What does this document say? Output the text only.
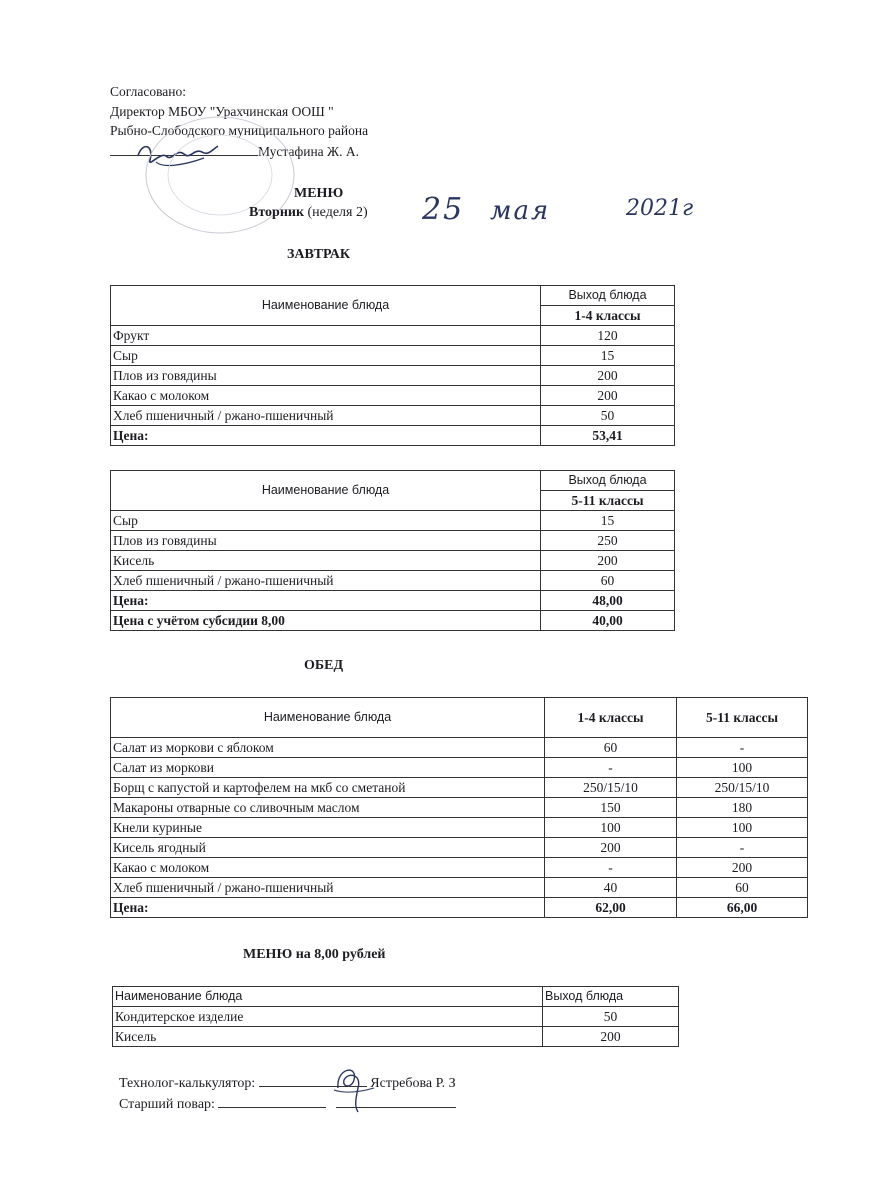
Согласовано:
Директор МБОУ "Урахчинская ООШ "
Рыбно-Слободского муниципального района
Мустафина Ж. А.
МЕНЮ
Вторник (неделя 2) 25 мая	2021г
ЗАВТРАК
Наименование блюда	Выход блюда
	1-4 классы
Фрукт	120
Сыр	15
Плов из говядины	200
Какао с молоком	200
Хлеб пшеничный / ржано-пшеничный	50
Цена:	53,41
Наименование блюда	Выход блюда
	5-11 классы
Сыр	15
Плов из говядины	250
Кисель	200
Хлеб пшеничный / ржано-пшеничный	60
Цена:	48,00
Цена с учётом субсидии 8,00	40,00
ОБЕД
Наименование блюда	1-4 классы	5-11 классы
Салат из моркови с яблоком	60	-
Салат из моркови	-	100
Борщ с капустой и картофелем на мкб со сметаной	250/15/10	250/15/10
Макароны отварные со сливочным маслом	150	180
Кнели куриные	100	100
Кисель ягодный	200	-
Какао с молоком	-	200
Хлеб пшеничный / ржано-пшеничный	40	60
Цена:	62,00	66,00
МЕНЮ на 8,00 рублей
Наименование блюда	Выход блюда
Кондитерское изделие	50
Кисель	200
Технолог-калькулятор:	Ястребова Р. З
Старший повар:
